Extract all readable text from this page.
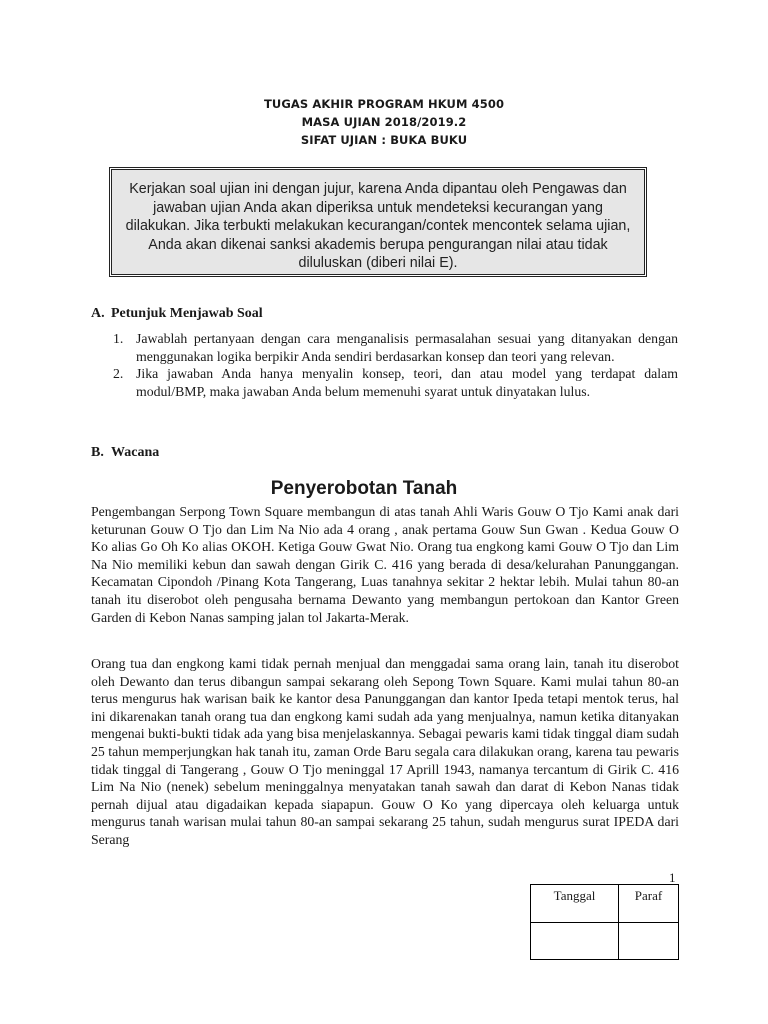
TUGAS AKHIR PROGRAM HKUM 4500
MASA UJIAN 2018/2019.2
SIFAT UJIAN : BUKA BUKU
Kerjakan soal ujian ini dengan jujur, karena Anda dipantau oleh Pengawas dan jawaban ujian Anda akan diperiksa untuk mendeteksi kecurangan yang dilakukan. Jika terbukti melakukan kecurangan/contek mencontek selama ujian, Anda akan dikenai sanksi akademis berupa pengurangan nilai atau tidak diluluskan (diberi nilai E).
A. Petunjuk Menjawab Soal
1. Jawablah pertanyaan dengan cara menganalisis permasalahan sesuai yang ditanyakan dengan menggunakan logika berpikir Anda sendiri berdasarkan konsep dan teori yang relevan.
2. Jika jawaban Anda hanya menyalin konsep, teori, dan atau model yang terdapat dalam modul/BMP, maka jawaban Anda belum memenuhi syarat untuk dinyatakan lulus.
B. Wacana
Penyerobotan Tanah

Pengembangan Serpong Town Square membangun di atas tanah Ahli Waris Gouw O Tjo Kami anak dari keturunan Gouw O Tjo dan Lim Na Nio ada 4 orang , anak pertama Gouw Sun Gwan . Kedua Gouw O Ko alias Go Oh Ko alias OKOH. Ketiga Gouw Gwat Nio. Orang tua engkong kami Gouw O Tjo dan Lim Na Nio memiliki kebun dan sawah dengan Girik C. 416 yang berada di desa/kelurahan Panunggangan. Kecamatan Cipondoh /Pinang Kota Tangerang, Luas tanahnya sekitar 2 hektar lebih. Mulai tahun 80-an tanah itu diserobot oleh pengusaha bernama Dewanto yang membangun pertokoan dan Kantor Green Garden di Kebon Nanas samping jalan tol Jakarta-Merak.

Orang tua dan engkong kami tidak pernah menjual dan menggadai sama orang lain, tanah itu diserobot oleh Dewanto dan terus dibangun sampai sekarang oleh Sepong Town Square. Kami mulai tahun 80-an terus mengurus hak warisan baik ke kantor desa Panunggangan dan kantor Ipeda tetapi mentok terus, hal ini dikarenakan tanah orang tua dan engkong kami sudah ada yang menjualnya, namun ketika ditanyakan mengenai bukti-bukti tidak ada yang bisa menjelaskannya. Sebagai pewaris kami tidak tinggal diam sudah 25 tahun memperjungkan hak tanah itu, zaman Orde Baru segala cara dilakukan orang, karena tau pewaris tidak tinggal di Tangerang , Gouw O Tjo meninggal 17 Aprill 1943, namanya tercantum di Girik C. 416 Lim Na Nio (nenek) sebelum meninggalnya menyatakan tanah sawah dan darat di Kebon Nanas tidak pernah dijual atau digadaikan kepada siapapun. Gouw O Ko yang dipercaya oleh keluarga untuk mengurus tanah warisan mulai tahun 80-an sampai sekarang 25 tahun, sudah mengurus surat IPEDA dari Serang

1
Tanggal	Paraf
